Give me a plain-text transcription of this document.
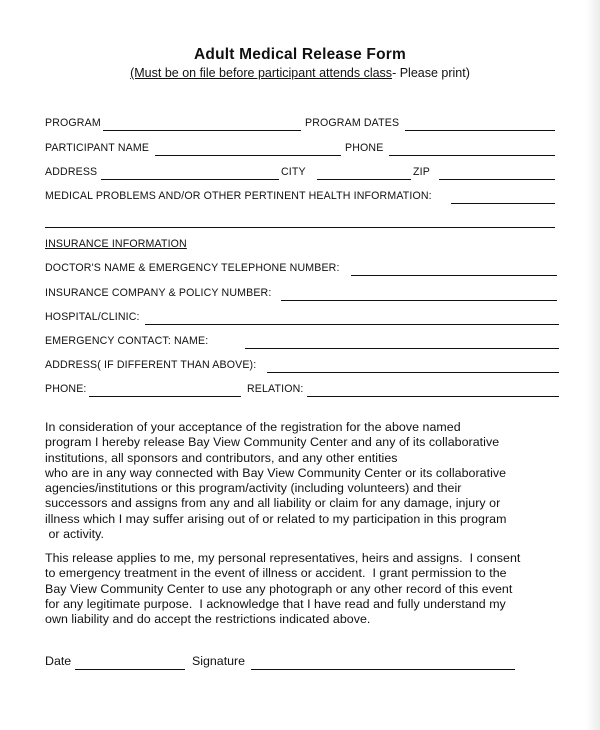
Adult Medical Release Form
(Must be on file before participant attends class- Please print)
PROGRAM	PROGRAM DATES
PARTICIPANT NAME	PHONE
ADDRESS	CITY	ZIP
MEDICAL PROBLEMS AND/OR OTHER PERTINENT HEALTH INFORMATION:
INSURANCE INFORMATION
DOCTOR'S NAME & EMERGENCY TELEPHONE NUMBER:
INSURANCE COMPANY & POLICY NUMBER:
HOSPITAL/CLINIC:
EMERGENCY CONTACT: NAME:
ADDRESS( IF DIFFERENT THAN ABOVE):
PHONE:	RELATION:
In consideration of your acceptance of the registration for the above named
program I hereby release Bay View Community Center and any of its collaborative
institutions, all sponsors and contributors, and any other entities
who are in any way connected with Bay View Community Center or its collaborative
agencies/institutions or this program/activity (including volunteers) and their
successors and assigns from any and all liability or claim for any damage, injury or
illness which I may suffer arising out of or related to my participation in this program
or activity.
This release applies to me, my personal representatives, heirs and assigns.  I consent
to emergency treatment in the event of illness or accident.  I grant permission to the
Bay View Community Center to use any photograph or any other record of this event
for any legitimate purpose.  I acknowledge that I have read and fully understand my
own liability and do accept the restrictions indicated above.
Date	Signature
